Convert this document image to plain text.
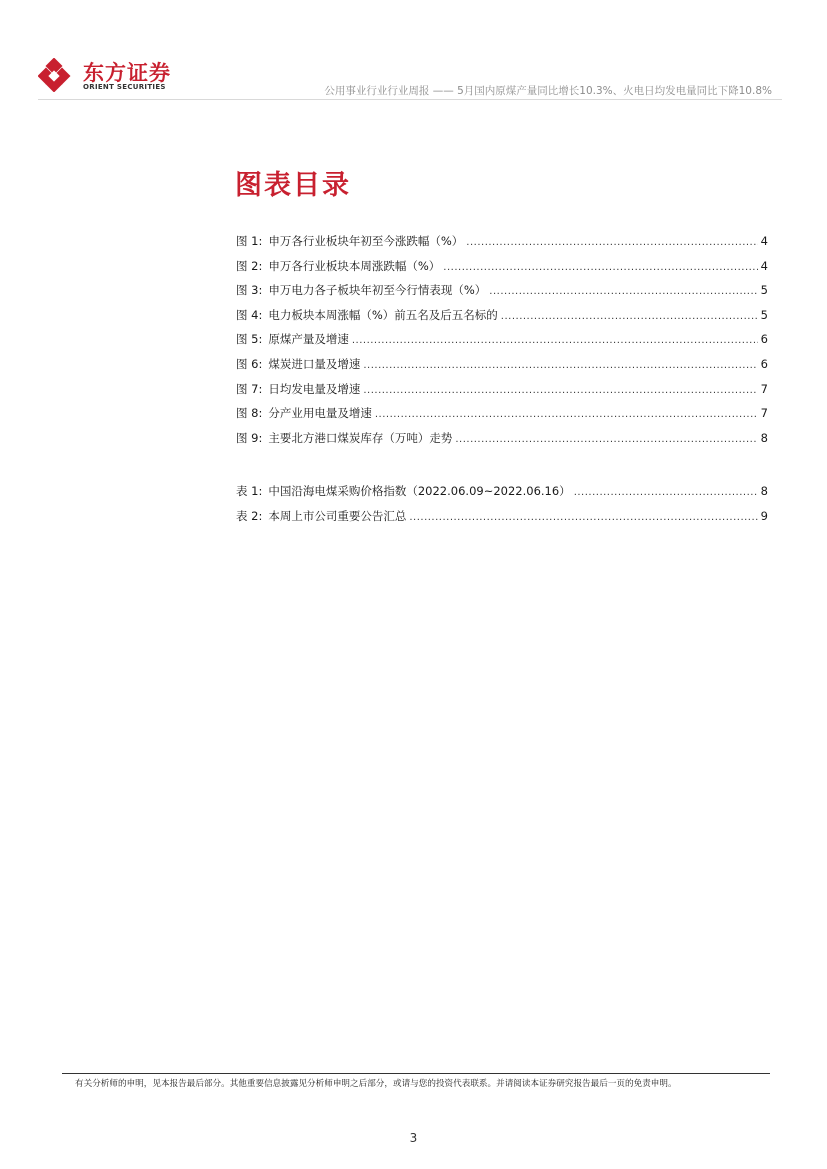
东方证券
ORIENT SECURITIES	公用事业行业行业周报 —— 5月国内原煤产量同比增长10.3%、火电日均发电量同比下降10.8%
图表目录
图 1: 申万各行业板块年初至今涨跌幅（%） .....	4
图 2: 申万各行业板块本周涨跌幅（%） .....	4
图 3: 申万电力各子板块年初至今行情表现（%） .....	5
图 4: 电力板块本周涨幅（%）前五名及后五名标的 .....	5
图 5: 原煤产量及增速 .....	6
图 6: 煤炭进口量及增速 .....	6
图 7: 日均发电量及增速 .....	7
图 8: 分产业用电量及增速 .....	7
图 9: 主要北方港口煤炭库存（万吨）走势 .....	8
表 1: 中国沿海电煤采购价格指数（2022.06.09~2022.06.16） .....	8
表 2: 本周上市公司重要公告汇总 .....	9
有关分析师的申明，见本报告最后部分。其他重要信息披露见分析师申明之后部分，或请与您的投资代表联系。并请阅读本证券研究报告最后一页的免责申明。
3
